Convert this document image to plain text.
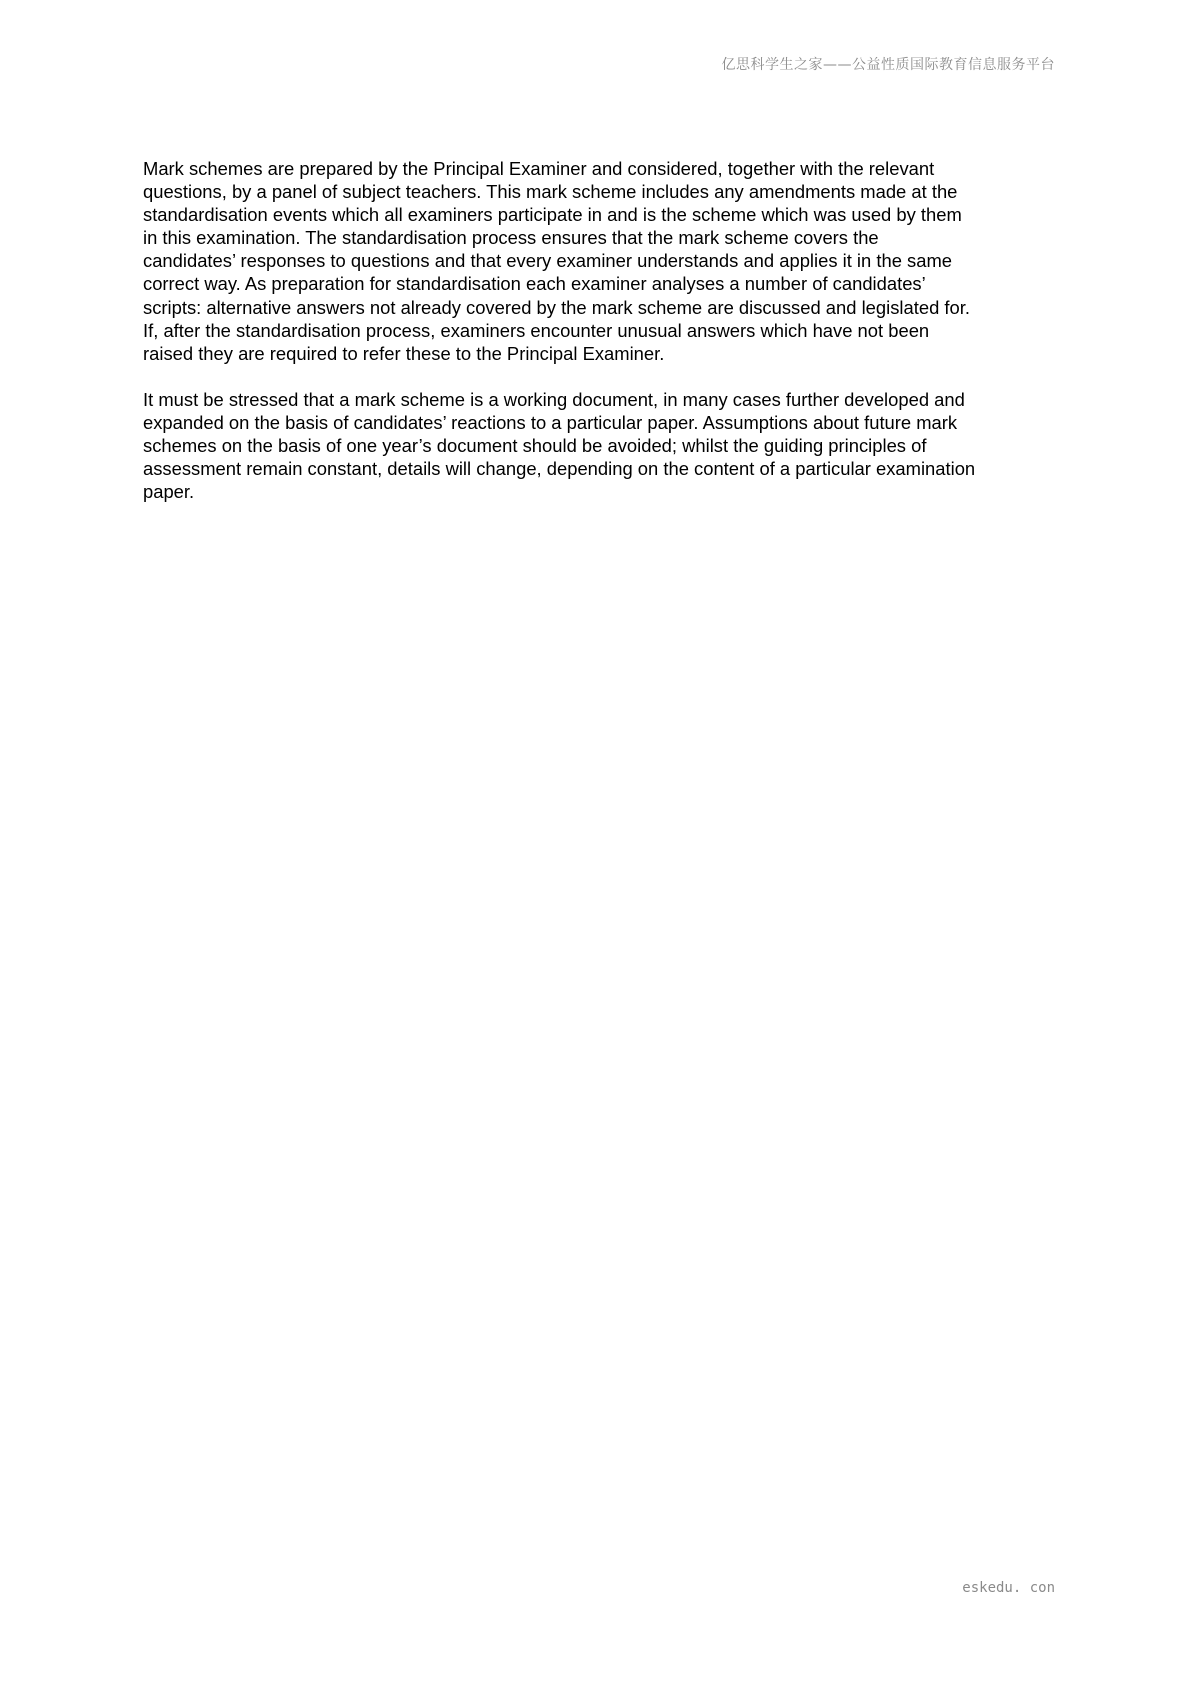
亿思科学生之家——公益性质国际教育信息服务平台

Mark schemes are prepared by the Principal Examiner and considered, together with the relevant
questions, by a panel of subject teachers. This mark scheme includes any amendments made at the
standardisation events which all examiners participate in and is the scheme which was used by them
in this examination. The standardisation process ensures that the mark scheme covers the
candidates’ responses to questions and that every examiner understands and applies it in the same
correct way. As preparation for standardisation each examiner analyses a number of candidates’
scripts: alternative answers not already covered by the mark scheme are discussed and legislated for.
If, after the standardisation process, examiners encounter unusual answers which have not been
raised they are required to refer these to the Principal Examiner.

It must be stressed that a mark scheme is a working document, in many cases further developed and
expanded on the basis of candidates’ reactions to a particular paper. Assumptions about future mark
schemes on the basis of one year’s document should be avoided; whilst the guiding principles of
assessment remain constant, details will change, depending on the content of a particular examination
paper.

eskedu. con
